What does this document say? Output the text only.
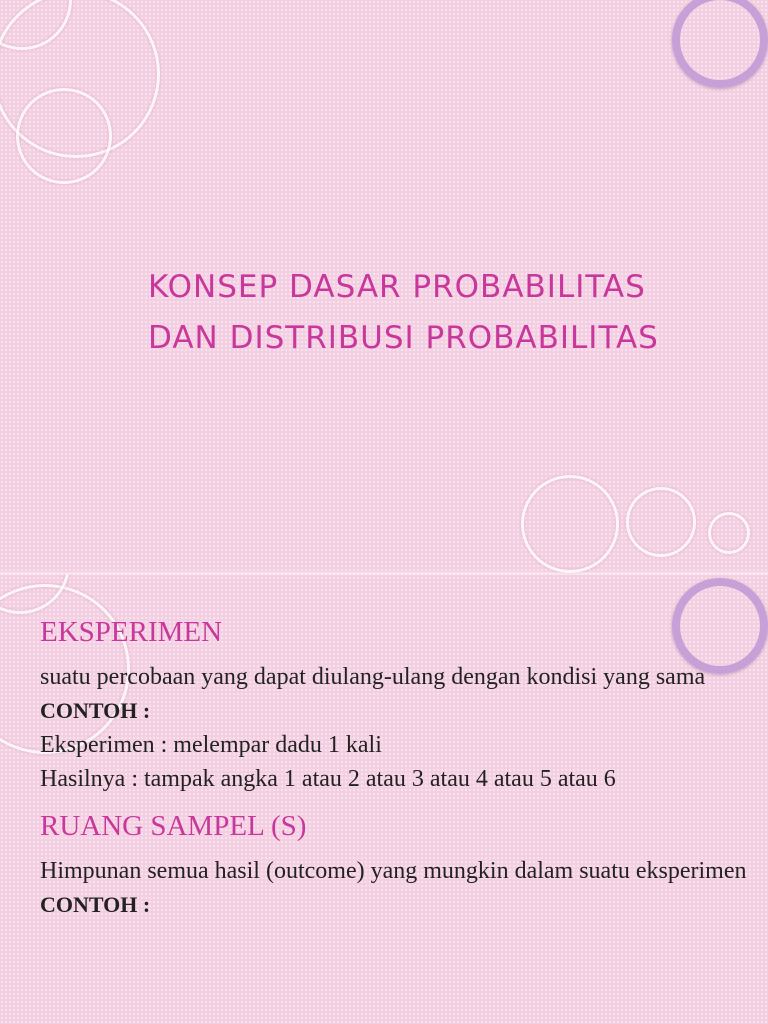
KONSEP DASAR PROBABILITAS
DAN DISTRIBUSI PROBABILITAS
EKSPERIMEN

suatu percobaan yang dapat diulang-ulang dengan kondisi yang sama

CONTOH :

Eksperimen : melempar dadu 1 kali

Hasilnya : tampak angka 1 atau 2 atau 3 atau 4 atau 5 atau 6

RUANG SAMPEL (S)

Himpunan semua hasil (outcome) yang mungkin dalam suatu eksperimen

CONTOH :
